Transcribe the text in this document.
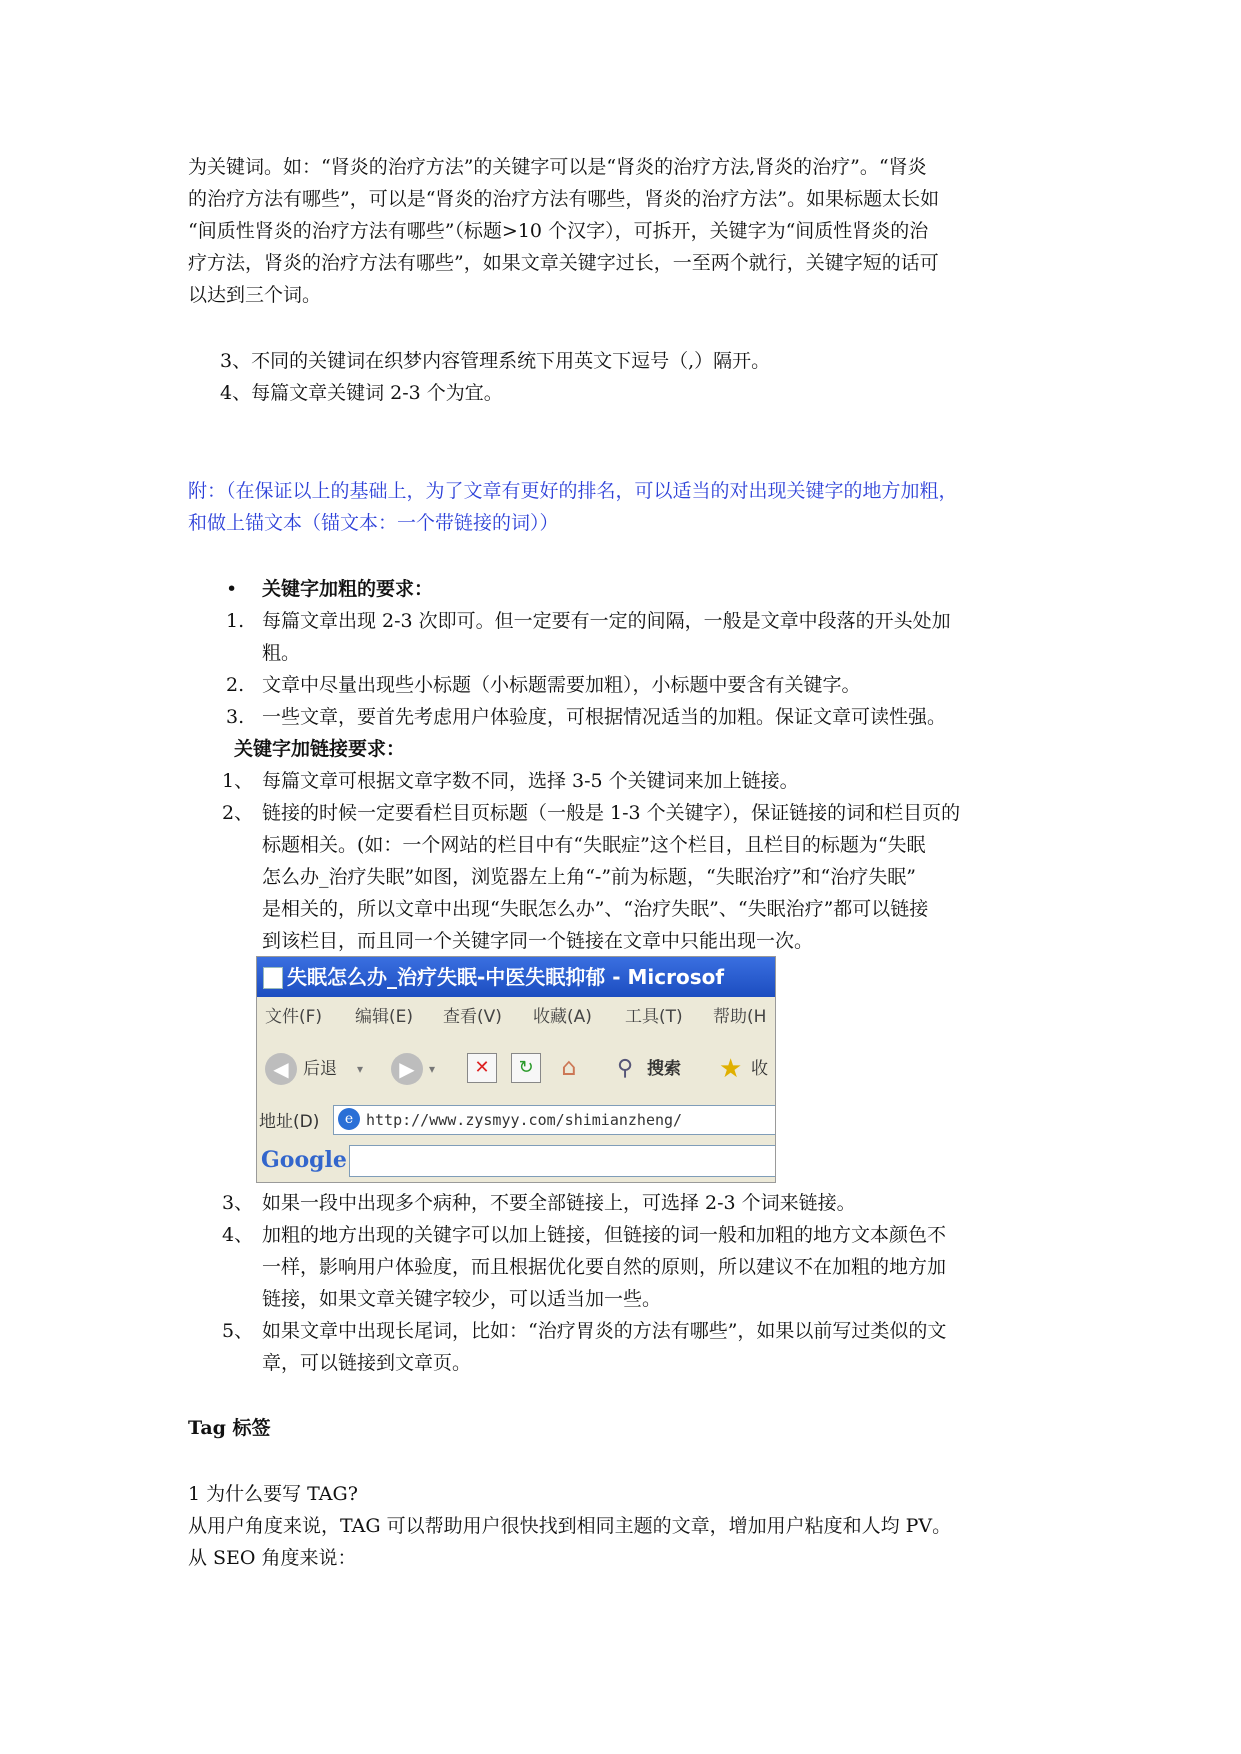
为关键词。如：“肾炎的治疗方法”的关键字可以是“肾炎的治疗方法,肾炎的治疗”。“肾炎
的治疗方法有哪些”，可以是“肾炎的治疗方法有哪些，肾炎的治疗方法”。如果标题太长如
“间质性肾炎的治疗方法有哪些”（标题>10 个汉字），可拆开，关键字为“间质性肾炎的治
疗方法，肾炎的治疗方法有哪些”，如果文章关键字过长，一至两个就行，关键字短的话可
以达到三个词。
3、不同的关键词在织梦内容管理系统下用英文下逗号（,）隔开。
4、每篇文章关键词 2-3 个为宜。
附：（在保证以上的基础上，为了文章有更好的排名，可以适当的对出现关键字的地方加粗，
和做上锚文本（锚文本：一个带链接的词））
• 关键字加粗的要求：
1. 每篇文章出现 2-3 次即可。但一定要有一定的间隔，一般是文章中段落的开头处加
粗。
2. 文章中尽量出现些小标题（小标题需要加粗），小标题中要含有关键字。
3. 一些文章，要首先考虑用户体验度，可根据情况适当的加粗。保证文章可读性强。
关键字加链接要求：
1、 每篇文章可根据文章字数不同，选择 3-5 个关键词来加上链接。
2、 链接的时候一定要看栏目页标题（一般是 1-3 个关键字），保证链接的词和栏目页的
标题相关。(如：一个网站的栏目中有“失眠症”这个栏目，且栏目的标题为“失眠
怎么办_治疗失眠”如图，浏览器左上角“-”前为标题，“失眠治疗”和“治疗失眠”
是相关的，所以文章中出现“失眠怎么办”、“治疗失眠”、“失眠治疗”都可以链接
到该栏目，而且同一个关键字同一个链接在文章中只能出现一次。
失眠怎么办_治疗失眠-中医失眠抑郁 - Microsof
文件(F) 编辑(E) 查看(V) 收藏(A) 工具(T) 帮助(H
◀ 后退 ▾	▶	▾	✕	↻	⌂ ⚲ 搜索 ★ 收
地址(D)	e http://www.zysmyy.com/shimianzheng/
Google
3、 如果一段中出现多个病种，不要全部链接上，可选择 2-3 个词来链接。
4、 加粗的地方出现的关键字可以加上链接，但链接的词一般和加粗的地方文本颜色不
一样，影响用户体验度，而且根据优化要自然的原则，所以建议不在加粗的地方加
链接，如果文章关键字较少，可以适当加一些。
5、 如果文章中出现长尾词，比如：“治疗胃炎的方法有哪些”，如果以前写过类似的文
章，可以链接到文章页。
Tag 标签
1 为什么要写 TAG?
从用户角度来说，TAG 可以帮助用户很快找到相同主题的文章，增加用户粘度和人均 PV。
从 SEO 角度来说：
